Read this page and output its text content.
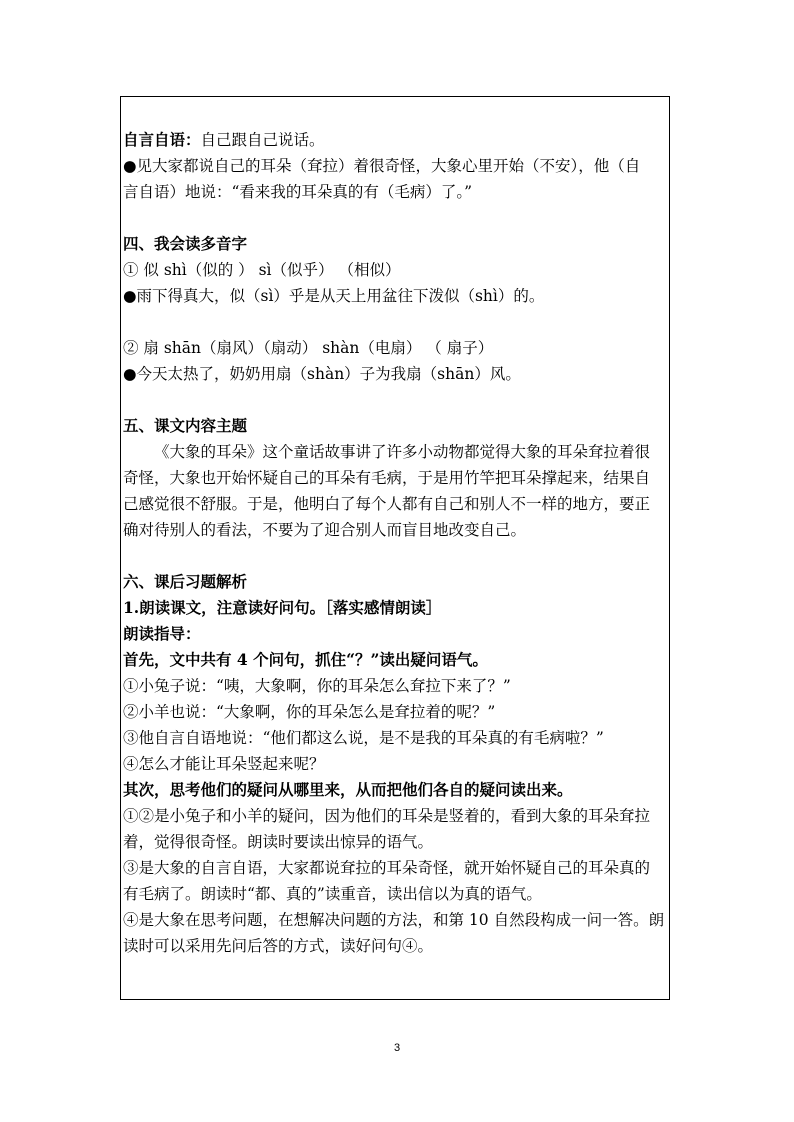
自言自语：自己跟自己说话。
●见大家都说自己的耳朵（耷拉）着很奇怪，大象心里开始（不安），他（自
言自语）地说：“看来我的耳朵真的有（毛病）了。”
四、我会读多音字
① 似 shì（似的 ） sì（似乎） （相似）
●雨下得真大，似（sì）乎是从天上用盆往下泼似（shì）的。
② 扇 shān（扇风）（扇动） shàn（电扇） （ 扇子）
●今天太热了，奶奶用扇（shàn）子为我扇（shān）风。
五、课文内容主题
《大象的耳朵》这个童话故事讲了许多小动物都觉得大象的耳朵耷拉着很
奇怪，大象也开始怀疑自己的耳朵有毛病，于是用竹竿把耳朵撑起来，结果自
己感觉很不舒服。于是，他明白了每个人都有自己和别人不一样的地方，要正
确对待别人的看法，不要为了迎合别人而盲目地改变自己。
六、课后习题解析
1.朗读课文，注意读好问句。［落实感情朗读］
朗读指导：
首先，文中共有 4 个问句，抓住“？”读出疑问语气。
①小兔子说：“咦，大象啊，你的耳朵怎么耷拉下来了？”
②小羊也说：“大象啊，你的耳朵怎么是耷拉着的呢？”
③他自言自语地说：“他们都这么说，是不是我的耳朵真的有毛病啦？”
④怎么才能让耳朵竖起来呢？
其次，思考他们的疑问从哪里来，从而把他们各自的疑问读出来。
①②是小兔子和小羊的疑问，因为他们的耳朵是竖着的，看到大象的耳朵耷拉
着，觉得很奇怪。朗读时要读出惊异的语气。
③是大象的自言自语，大家都说耷拉的耳朵奇怪，就开始怀疑自己的耳朵真的
有毛病了。朗读时“都、真的”读重音，读出信以为真的语气。
④是大象在思考问题，在想解决问题的方法，和第 10 自然段构成一问一答。朗
读时可以采用先问后答的方式，读好问句④。
3
